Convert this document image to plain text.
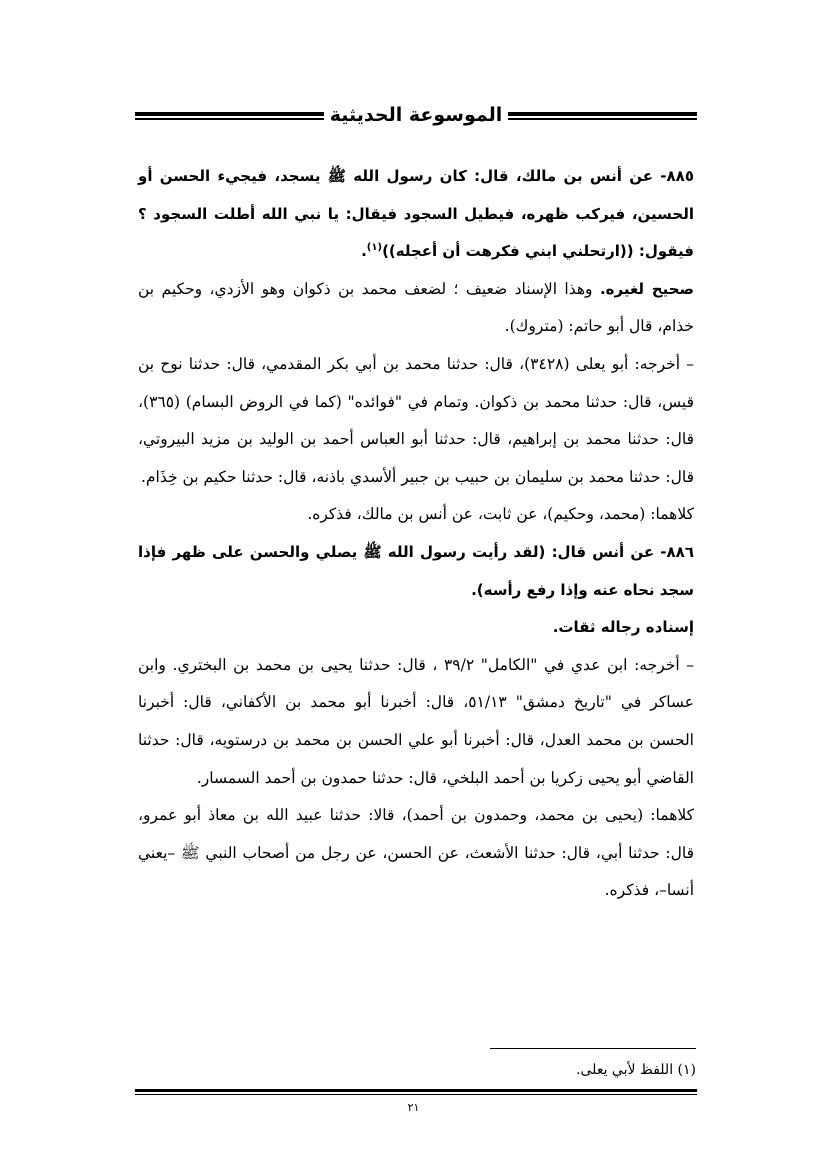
الموسوعة الحديثية

٨٨٥- عن أنس بن مالك، قال: كان رسول الله ﷺ يسجد، فيجيء الحسن أو الحسين، فيركب ظهره، فيطيل السجود فيقال: يا نبي الله أطلت السجود ؟ فيقول: ((ارتحلني ابني فكرهت أن أعجله))$^{(١)}$.

صحيح لغيره. وهذا الإسناد ضعيف ؛ لضعف محمد بن ذكوان وهو الأزدي، وحكيم بن خذام، قال أبو حاتم: (متروك).

– أخرجه: أبو يعلى (٣٤٢٨)، قال: حدثنا محمد بن أبي بكر المقدمي، قال: حدثنا نوح بن قيس، قال: حدثنا محمد بن ذكوان. وتمام في "فوائده" (كما في الروض البسام) (٣٦٥)، قال: حدثنا محمد بن إبراهيم، قال: حدثنا أبو العباس أحمد بن الوليد بن مزيد البيروتي، قال: حدثنا محمد بن سليمان بن حبيب بن جبير ألأسدي باذنه، قال: حدثنا حكيم بن خِذَام.

كلاهما: (محمد، وحكيم)، عن ثابت، عن أنس بن مالك، فذكره.

٨٨٦- عن أنس قال: (لقد رأيت رسول الله ﷺ يصلي والحسن على ظهر فإذا سجد نحاه عنه وإذا رفع رأسه).

إسناده رجاله ثقات.

– أخرجه: ابن عدي في "الكامل" ٣٩/٢ ، قال: حدثنا يحيى بن محمد بن البختري. وابن عساكر في "تاريخ دمشق" ٥١/١٣، قال: أخبرنا أبو محمد بن الأكفاني، قال: أخبرنا الحسن بن محمد العدل، قال: أخبرنا أبو علي الحسن بن محمد بن درستويه، قال: حدثنا القاضي أبو يحيى زكريا بن أحمد البلخي، قال: حدثنا حمدون بن أحمد السمسار.

كلاهما: (يحيى بن محمد، وحمدون بن أحمد)، قالا: حدثنا عبيد الله بن معاذ أبو عمرو، قال: حدثنا أبي، قال: حدثنا الأشعث، عن الحسن، عن رجل من أصحاب النبي ﷺ –يعني أنسا–، فذكره.

(١) اللفظ لأبي يعلى.
٢١
